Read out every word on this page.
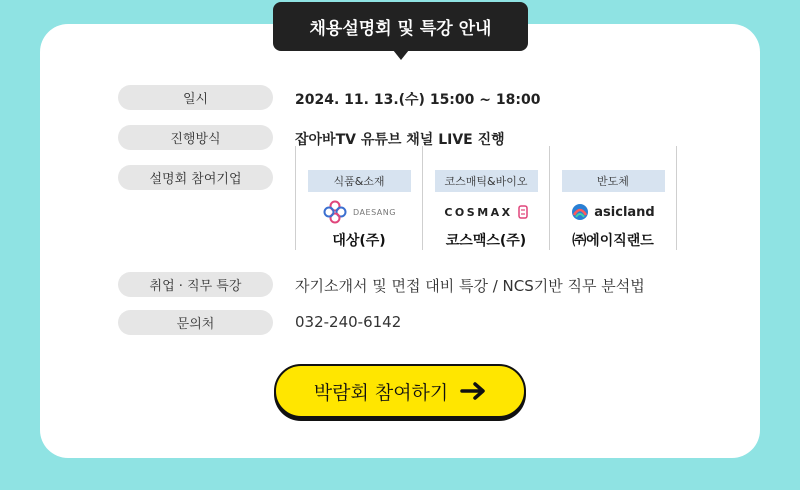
채용설명회 및 특강 안내
일시	2024. 11. 13.(수) 15:00 ~ 18:00
진행방식	잡아바TV 유튜브 채널 LIVE 진행
설명회 참여기업	식품&소재
DAESANG
대상(주)
코스매틱&바이오
COSMAX
코스맥스(주)
반도체
asicland
㈜에이직랜드
취업 · 직무 특강	자기소개서 및 면접 대비 특강 / NCS기반 직무 분석법
문의처	032-240-6142
박람회 참여하기
